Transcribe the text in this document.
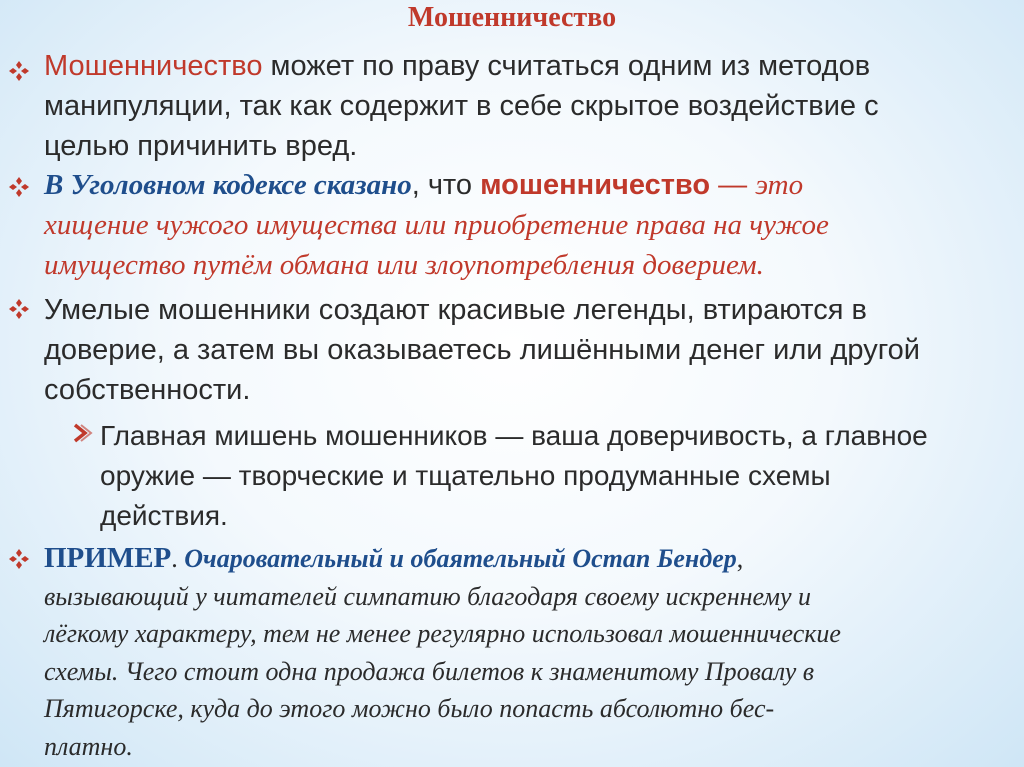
Мошенничество
Мошенничество может по праву считаться одним из методов
манипуляции, так как содержит в себе скрытое воздействие с
целью причинить вред.
В Уголовном кодексе сказано, что мошенничество — это
хищение чужого имущества или приобретение права на чужое
имущество путём обмана или злоупотребления доверием.
Умелые мошенники создают красивые легенды, втираются в
доверие, а затем вы оказываетесь лишёнными денег или другой
собственности.
Главная мишень мошенников — ваша доверчивость, а главное
оружие — творческие и тщательно продуманные схемы
действия.
ПРИМЕР. Очаровательный и обаятельный Остап Бендер,
вызывающий у читателей симпатию благодаря своему искреннему и
лёгкому характеру, тем не менее регулярно использовал мошеннические
схемы. Чего стоит одна продажа билетов к знаменитому Провалу в
Пятигорске, куда до этого можно было попасть абсолютно бес-
платно.
